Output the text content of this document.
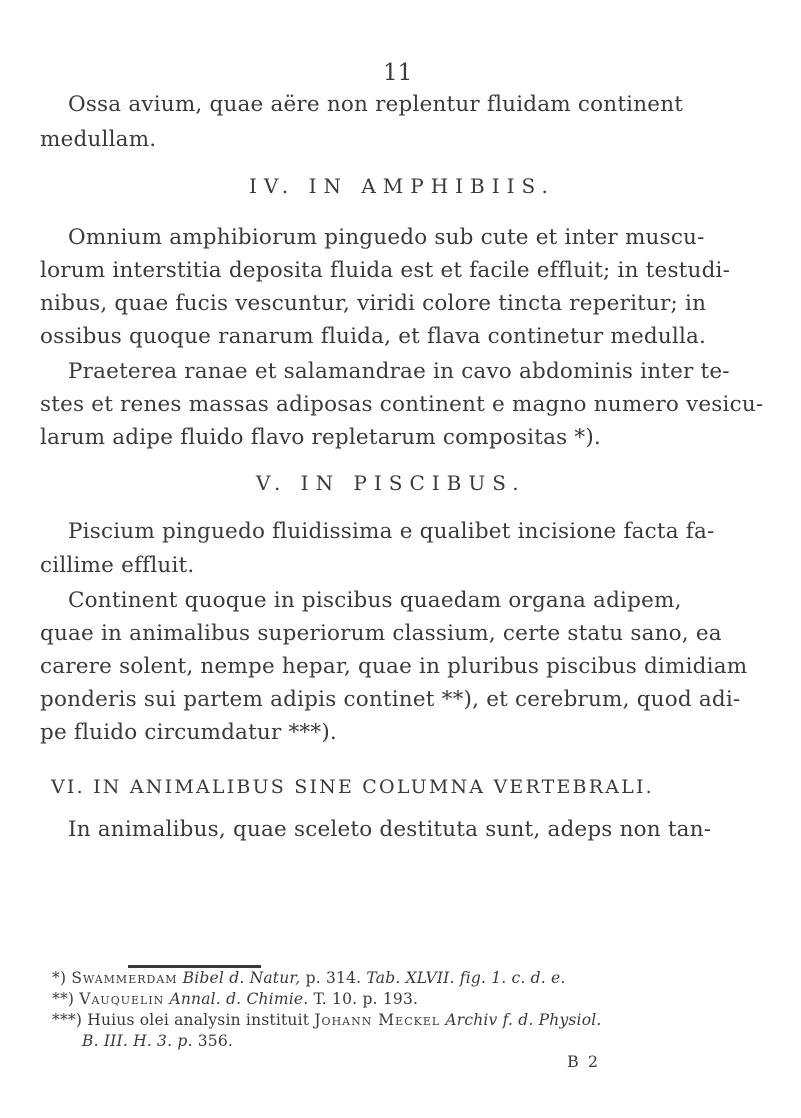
11
Ossa avium, quae aëre non replentur fluidam continent
medullam.
IV. IN AMPHIBIIS.
Omnium amphibiorum pinguedo sub cute et inter muscu-
lorum interstitia deposita fluida est et facile effluit; in testudi-
nibus, quae fucis vescuntur, viridi colore tincta reperitur; in
ossibus quoque ranarum fluida, et flava continetur medulla.
Praeterea ranae et salamandrae in cavo abdominis inter te-
stes et renes massas adiposas continent e magno numero vesicu-
larum adipe fluido flavo repletarum compositas *).
V. IN PISCIBUS.
Piscium pinguedo fluidissima e qualibet incisione facta fa-
cillime effluit.
Continent quoque in piscibus quaedam organa adipem,
quae in animalibus superiorum classium, certe statu sano, ea
carere solent, nempe hepar, quae in pluribus piscibus dimidiam
ponderis sui partem adipis continet **), et cerebrum, quod adi-
pe fluido circumdatur ***).
VI. IN ANIMALIBUS SINE COLUMNA VERTEBRALI.
In animalibus, quae sceleto destituta sunt, adeps non tan-
*) Swammerdam Bibel d. Natur, p. 314. Tab. XLVII. fig. 1. c. d. e.
**) Vauquelin Annal. d. Chimie. T. 10. p. 193.
***) Huius olei analysin instituit Johann Meckel Archiv f. d. Physiol.
B. III. H. 3. p. 356.
B 2
